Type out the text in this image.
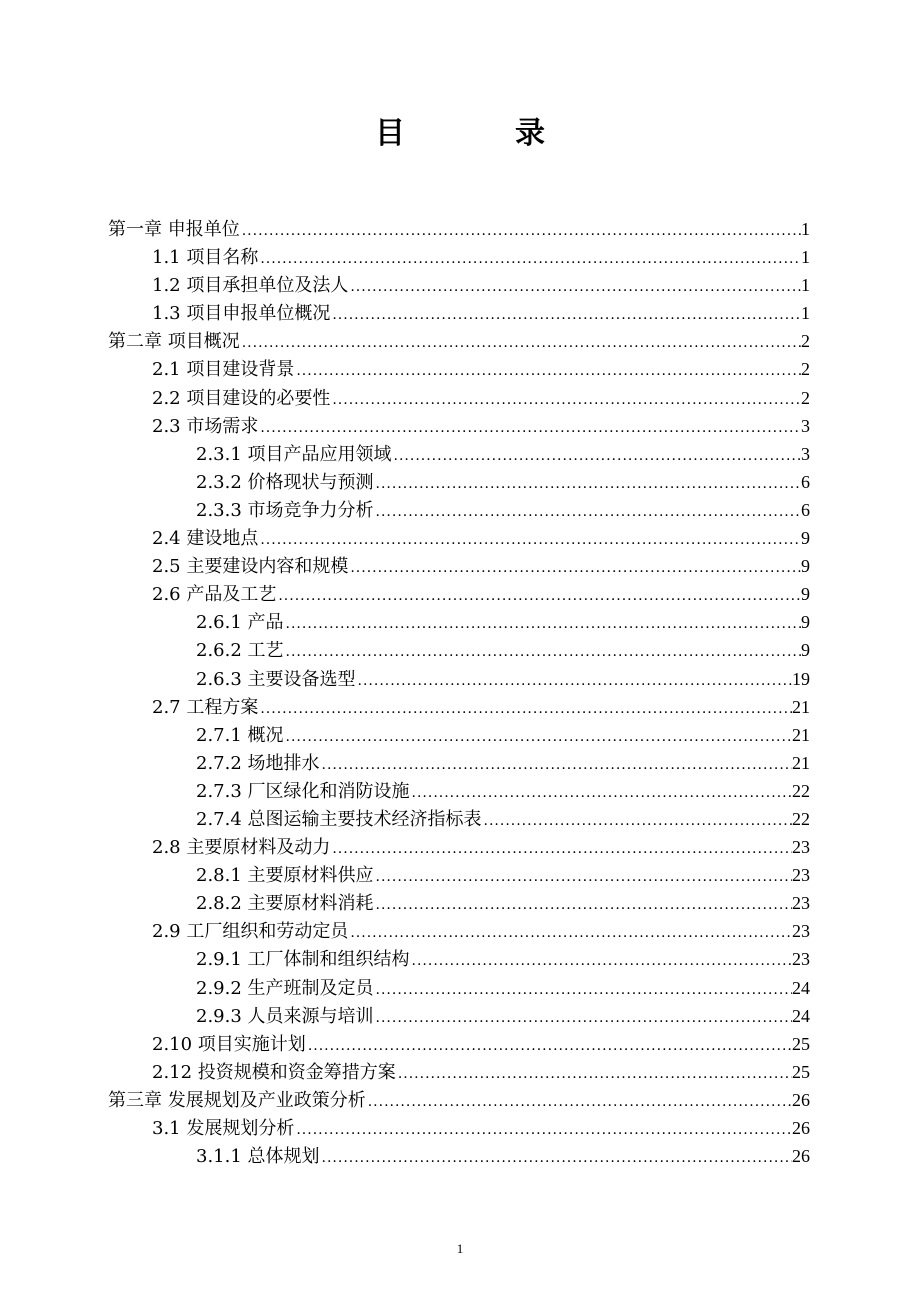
目	录
第一章 申报单位 .....	1
1.1 项目名称 .....	1
1.2 项目承担单位及法人 .....	1
1.3 项目申报单位概况 .....	1
第二章 项目概况 .....	2
2.1 项目建设背景 .....	2
2.2 项目建设的必要性 .....	2
2.3 市场需求 .....	3
2.3.1 项目产品应用领域 .....	3
2.3.2 价格现状与预测 .....	6
2.3.3 市场竞争力分析 .....	6
2.4 建设地点 .....	9
2.5 主要建设内容和规模 .....	9
2.6 产品及工艺 .....	9
2.6.1 产品 .....	9
2.6.2 工艺 .....	9
2.6.3 主要设备选型 .....	19
2.7 工程方案 .....	21
2.7.1 概况 .....	21
2.7.2 场地排水 .....	21
2.7.3 厂区绿化和消防设施 .....	22
2.7.4 总图运输主要技术经济指标表 .....	22
2.8 主要原材料及动力 .....	23
2.8.1 主要原材料供应 .....	23
2.8.2 主要原材料消耗 .....	23
2.9 工厂组织和劳动定员 .....	23
2.9.1 工厂体制和组织结构 .....	23
2.9.2 生产班制及定员 .....	24
2.9.3 人员来源与培训 .....	24
2.10 项目实施计划 .....	25
2.12 投资规模和资金筹措方案 .....	25
第三章 发展规划及产业政策分析 .....	26
3.1 发展规划分析 .....	26
3.1.1 总体规划 .....	26
1
